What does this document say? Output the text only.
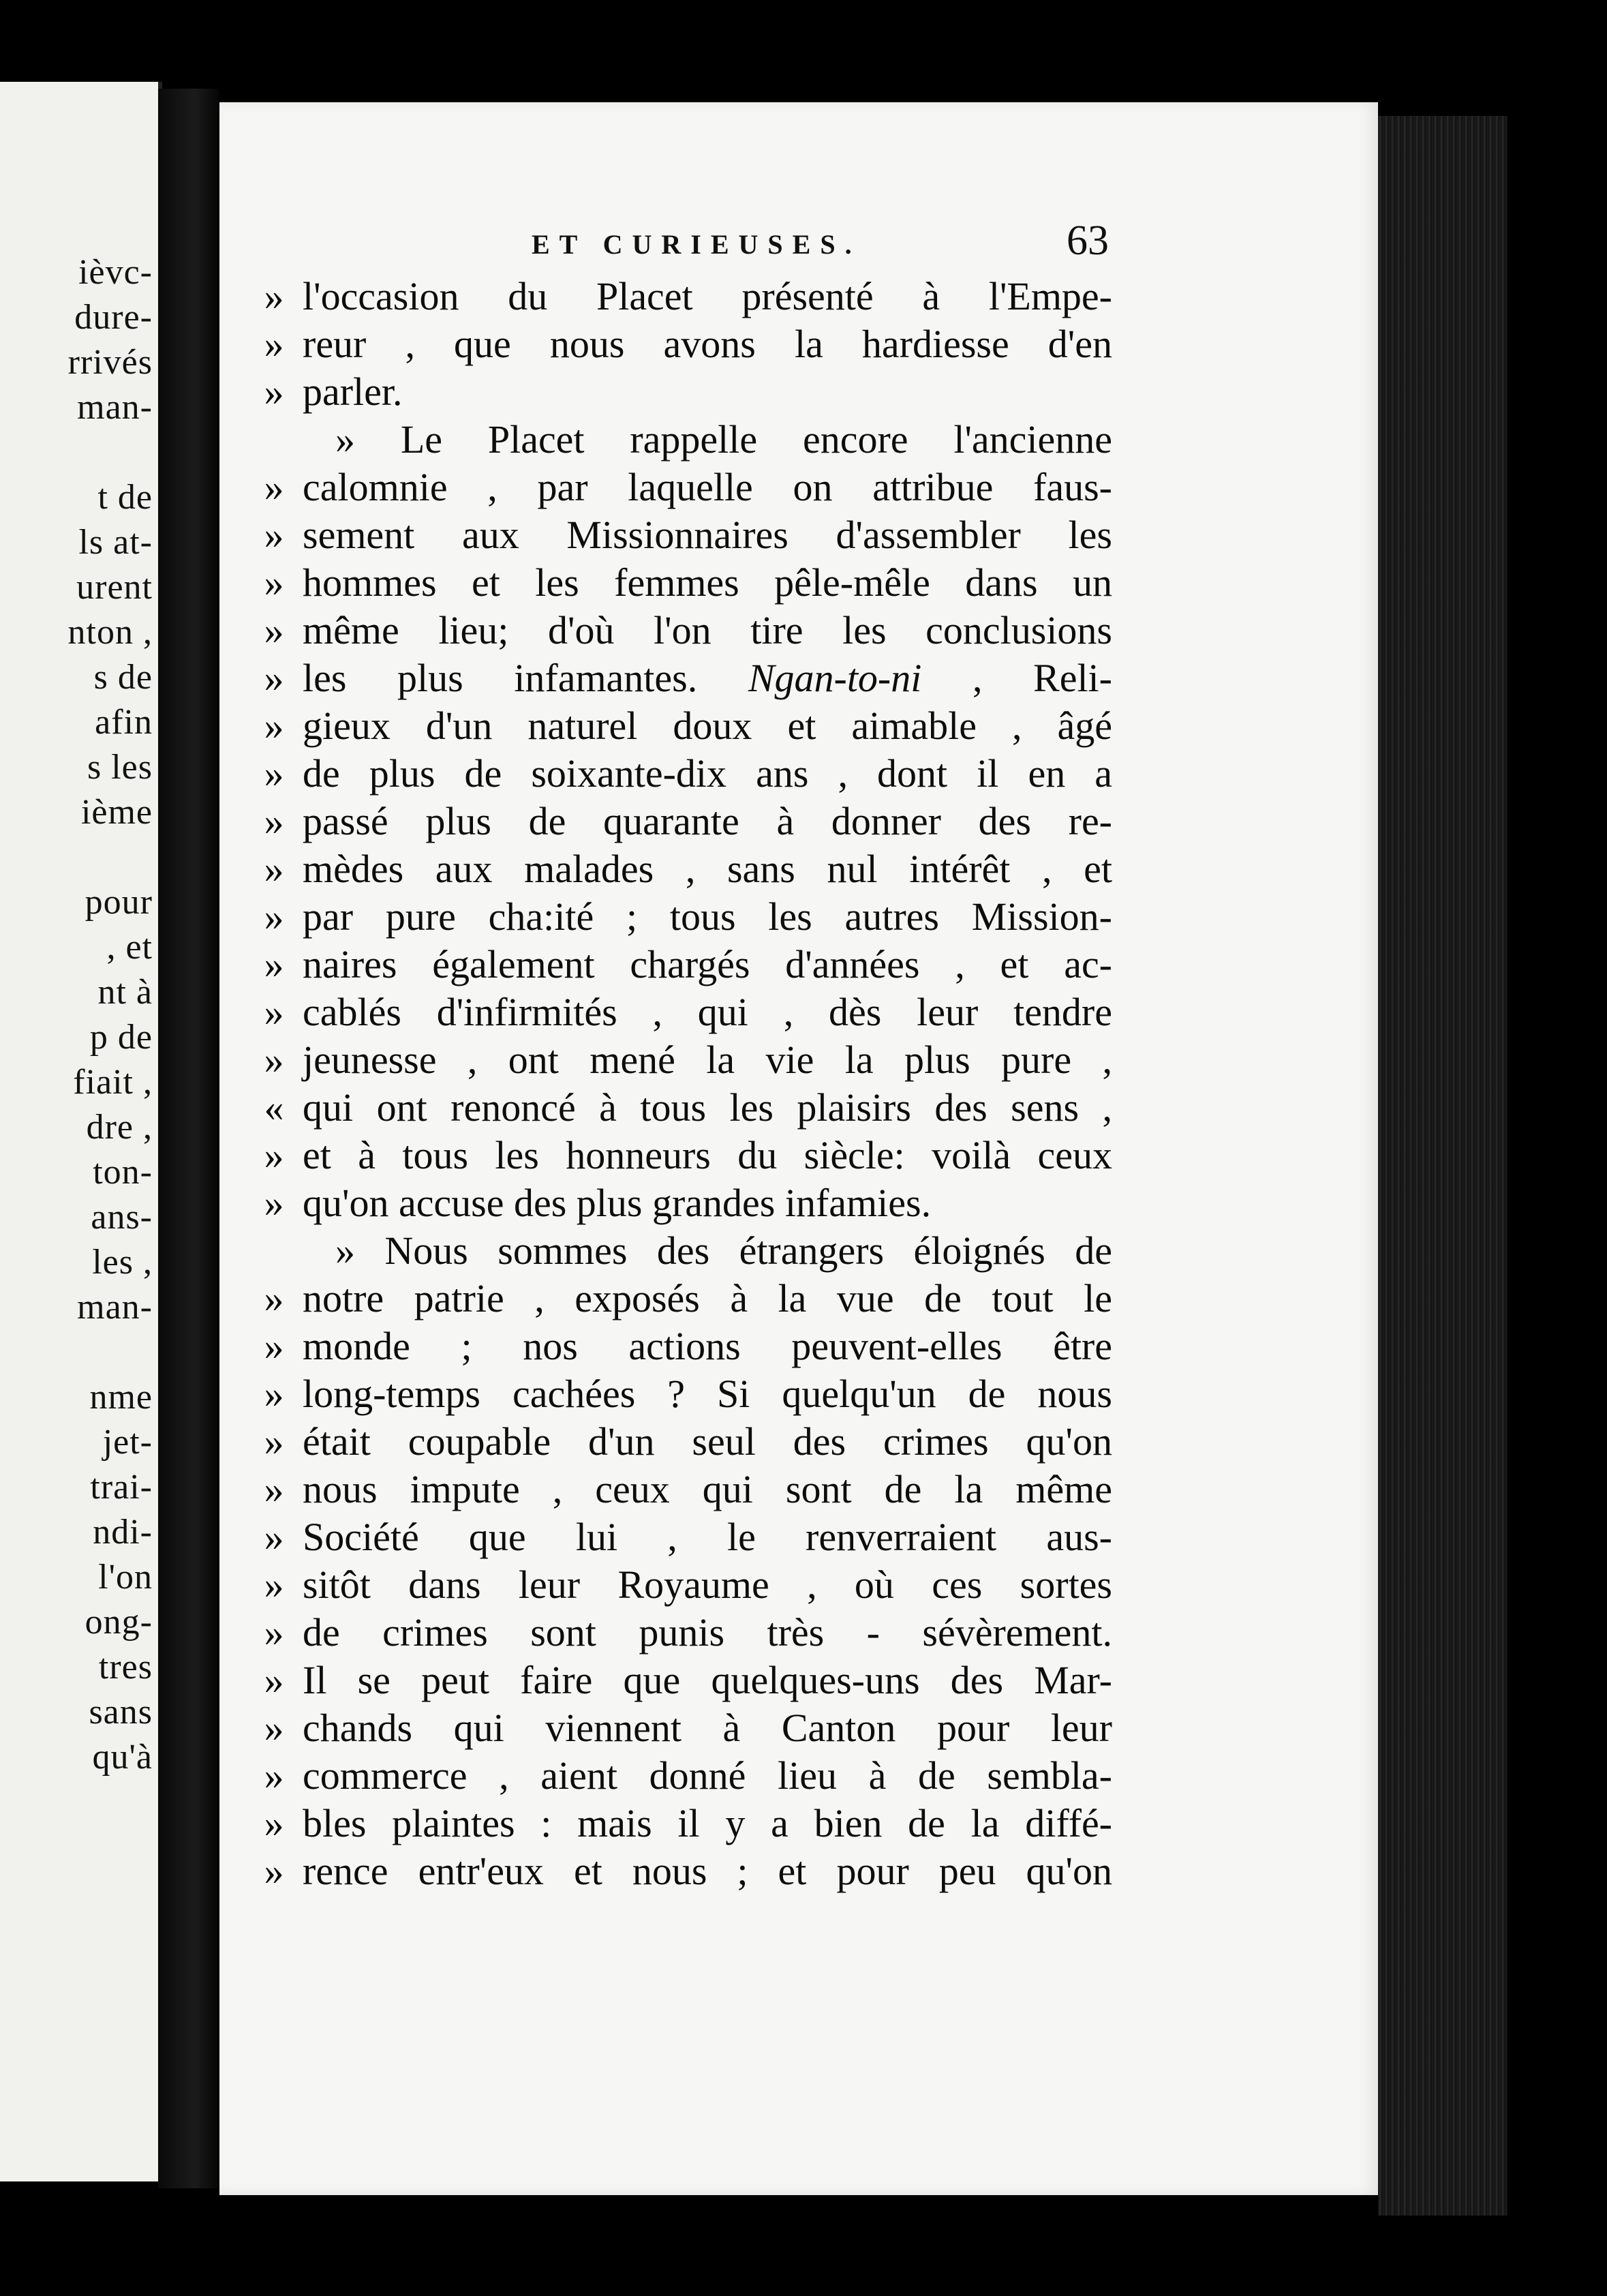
ièvc-
dure-
rrivés
man-
t de
ls at-
urent
nton ,
s de
afin
s les
ième
pour
, et
nt à
p de
fiait ,
dre ,
ton-
ans-
les ,
man-
nme
jet-
trai-
ndi-
l'on
ong-
tres
sans
qu'à
ET CURIEUSES.	63
» l'occasion du Placet présenté à l'Empe-
» reur , que nous avons la hardiesse d'en
» parler.
» Le Placet rappelle encore l'ancienne
» calomnie , par laquelle on attribue faus-
» sement aux Missionnaires d'assembler les
» hommes et les femmes pêle-mêle dans un
» même lieu; d'où l'on tire les conclusions
» les plus infamantes. Ngan-to-ni , Reli-
» gieux d'un naturel doux et aimable , âgé
» de plus de soixante-dix ans , dont il en a
» passé plus de quarante à donner des re-
» mèdes aux malades , sans nul intérêt , et
» par pure cha:ité ; tous les autres Mission-
» naires également chargés d'années , et ac-
» cablés d'infirmités , qui , dès leur tendre
» jeunesse , ont mené la vie la plus pure ,
« qui ont renoncé à tous les plaisirs des sens ,
» et à tous les honneurs du siècle: voilà ceux
» qu'on accuse des plus grandes infamies.
» Nous sommes des étrangers éloignés de
» notre patrie , exposés à la vue de tout le
» monde ; nos actions peuvent-elles être
» long-temps cachées ? Si quelqu'un de nous
» était coupable d'un seul des crimes qu'on
» nous impute , ceux qui sont de la même
» Société que lui , le renverraient aus-
» sitôt dans leur Royaume , où ces sortes
» de crimes sont punis très - sévèrement.
» Il se peut faire que quelques-uns des Mar-
» chands qui viennent à Canton pour leur
» commerce , aient donné lieu à de sembla-
» bles plaintes : mais il y a bien de la diffé-
» rence entr'eux et nous ; et pour peu qu'on
